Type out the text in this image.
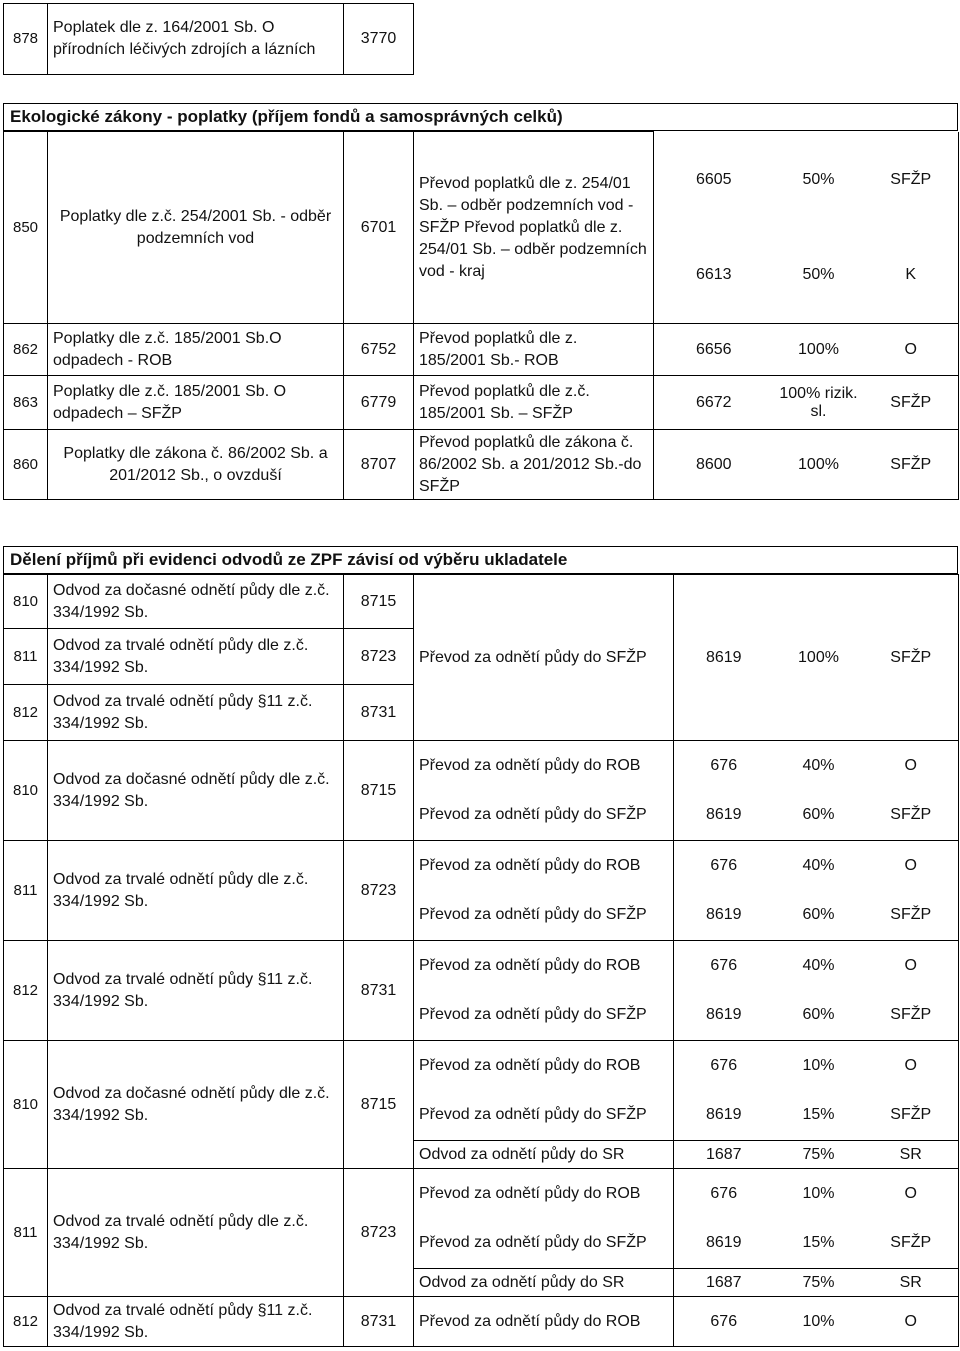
878	Poplatek dle z. 164/2001 Sb. O přírodních léčivých zdrojích a lázních	3770
Ekologické zákony - poplatky (příjem fondů a samosprávných celků)
850	Poplatky dle z.č. 254/2001 Sb. - odběr podzemních vod	6701	Převod poplatků dle z. 254/01 Sb. – odběr podzemních vod - SFŽP Převod poplatků dle z. 254/01 Sb. – odběr podzemních vod - kraj	6605	50%	SFŽP
				6613	50%	K
862	Poplatky dle z.č. 185/2001 Sb.O odpadech - ROB	6752	Převod poplatků dle z. 185/2001 Sb.- ROB	6656	100%	O
863	Poplatky dle z.č. 185/2001 Sb. O odpadech – SFŽP	6779	Převod poplatků dle z.č. 185/2001 Sb. – SFŽP	6672	100% rizik. sl.	SFŽP
860	Poplatky dle zákona č. 86/2002 Sb. a 201/2012 Sb., o ovzduší	8707	Převod poplatků dle zákona č. 86/2002 Sb. a 201/2012 Sb.-do SFŽP	8600	100%	SFŽP
Dělení příjmů při evidenci odvodů ze ZPF závisí od výběru ukladatele
810	Odvod za dočasné odnětí půdy dle z.č. 334/1992 Sb.	8715	Převod za odnětí půdy do SFŽP	8619	100%	SFŽP
811	Odvod za trvalé odnětí půdy dle z.č. 334/1992 Sb.	8723				
812	Odvod za trvalé odnětí půdy §11 z.č. 334/1992 Sb.	8731				
810	Odvod za dočasné odnětí půdy dle z.č. 334/1992 Sb.	8715	Převod za odnětí půdy do ROB	676	40%	O
			Převod za odnětí půdy do SFŽP	8619	60%	SFŽP
811	Odvod za trvalé odnětí půdy dle z.č. 334/1992 Sb.	8723	Převod za odnětí půdy do ROB	676	40%	O
			Převod za odnětí půdy do SFŽP	8619	60%	SFŽP
812	Odvod za trvalé odnětí půdy §11 z.č. 334/1992 Sb.	8731	Převod za odnětí půdy do ROB	676	40%	O
			Převod za odnětí půdy do SFŽP	8619	60%	SFŽP
810	Odvod za dočasné odnětí půdy dle z.č. 334/1992 Sb.	8715	Převod za odnětí půdy do ROB	676	10%	O
			Převod za odnětí půdy do SFŽP	8619	15%	SFŽP
			Odvod za odnětí půdy do SR	1687	75%	SR
811	Odvod za trvalé odnětí půdy dle z.č. 334/1992 Sb.	8723	Převod za odnětí půdy do ROB	676	10%	O
			Převod za odnětí půdy do SFŽP	8619	15%	SFŽP
			Odvod za odnětí půdy do SR	1687	75%	SR
812	Odvod za trvalé odnětí půdy §11 z.č. 334/1992 Sb.	8731	Převod za odnětí půdy do ROB	676	10%	O
